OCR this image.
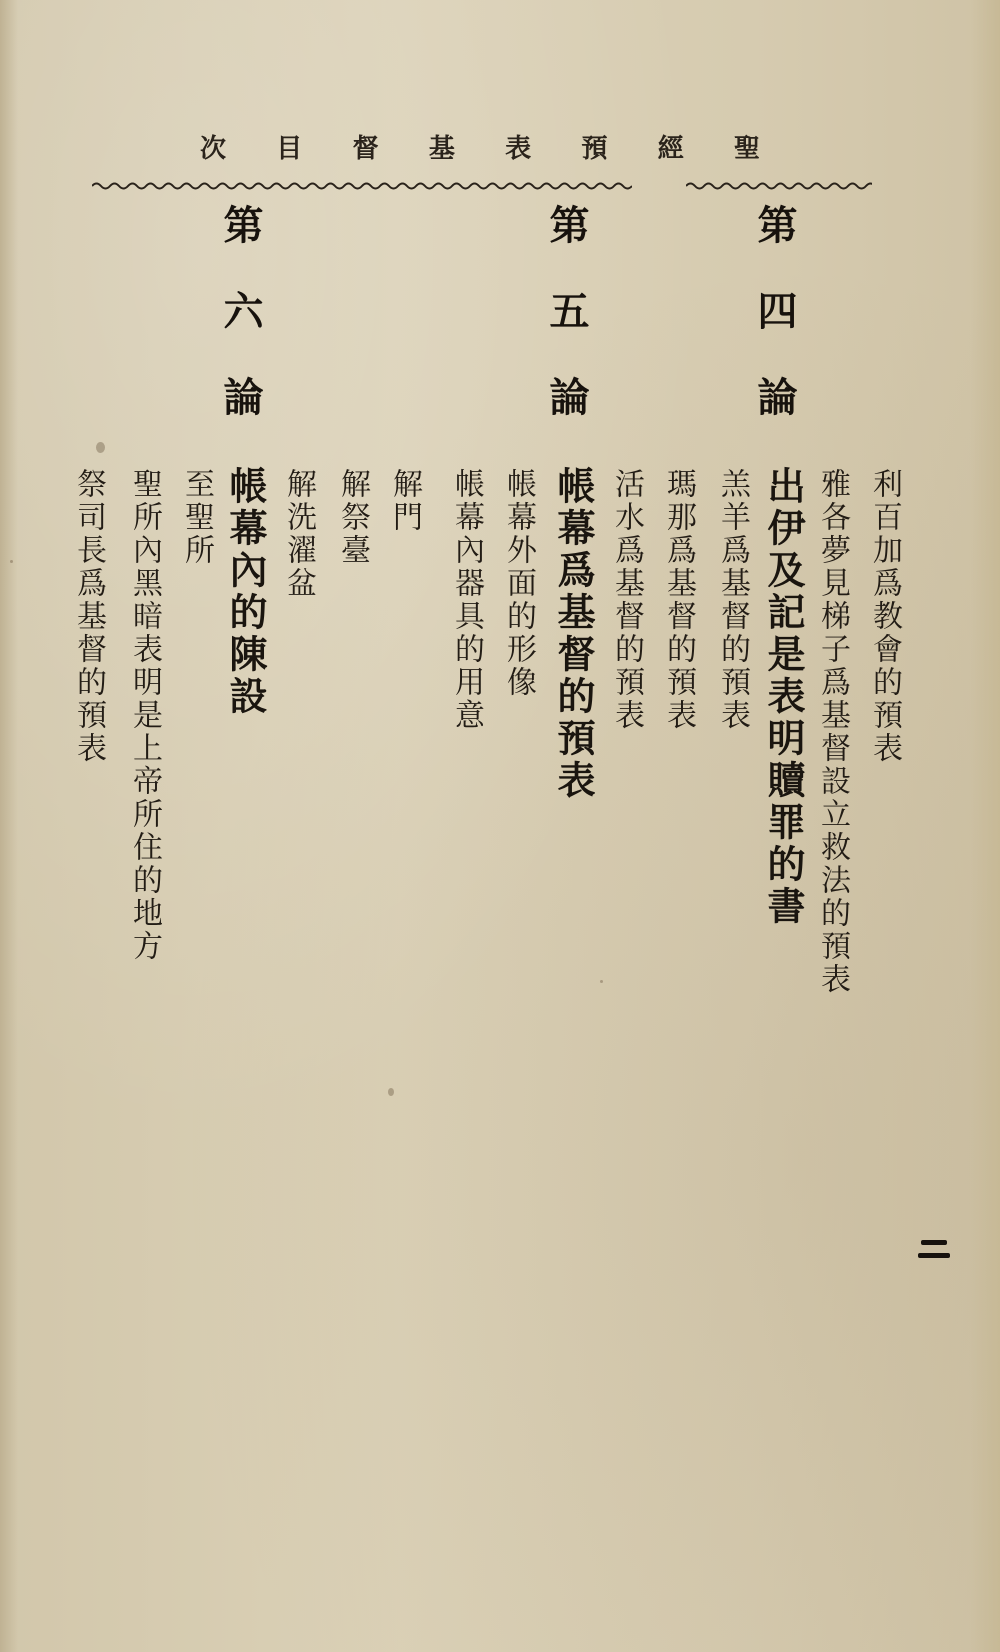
聖
經
預
表
基
督
目
次
第四論
利百加爲教會的預表
雅各夢見梯子爲基督設立救法的預表
出伊及記是表明贖罪的書
羔羊爲基督的預表
瑪那爲基督的預表
活水爲基督的預表
第五論
帳幕爲基督的預表
帳幕外面的形像
帳幕內器具的用意
解門
解祭臺
解洗濯盆
第六論
帳幕內的陳設
至聖所
聖所內黑暗表明是上帝所住的地方
祭司長爲基督的預表
